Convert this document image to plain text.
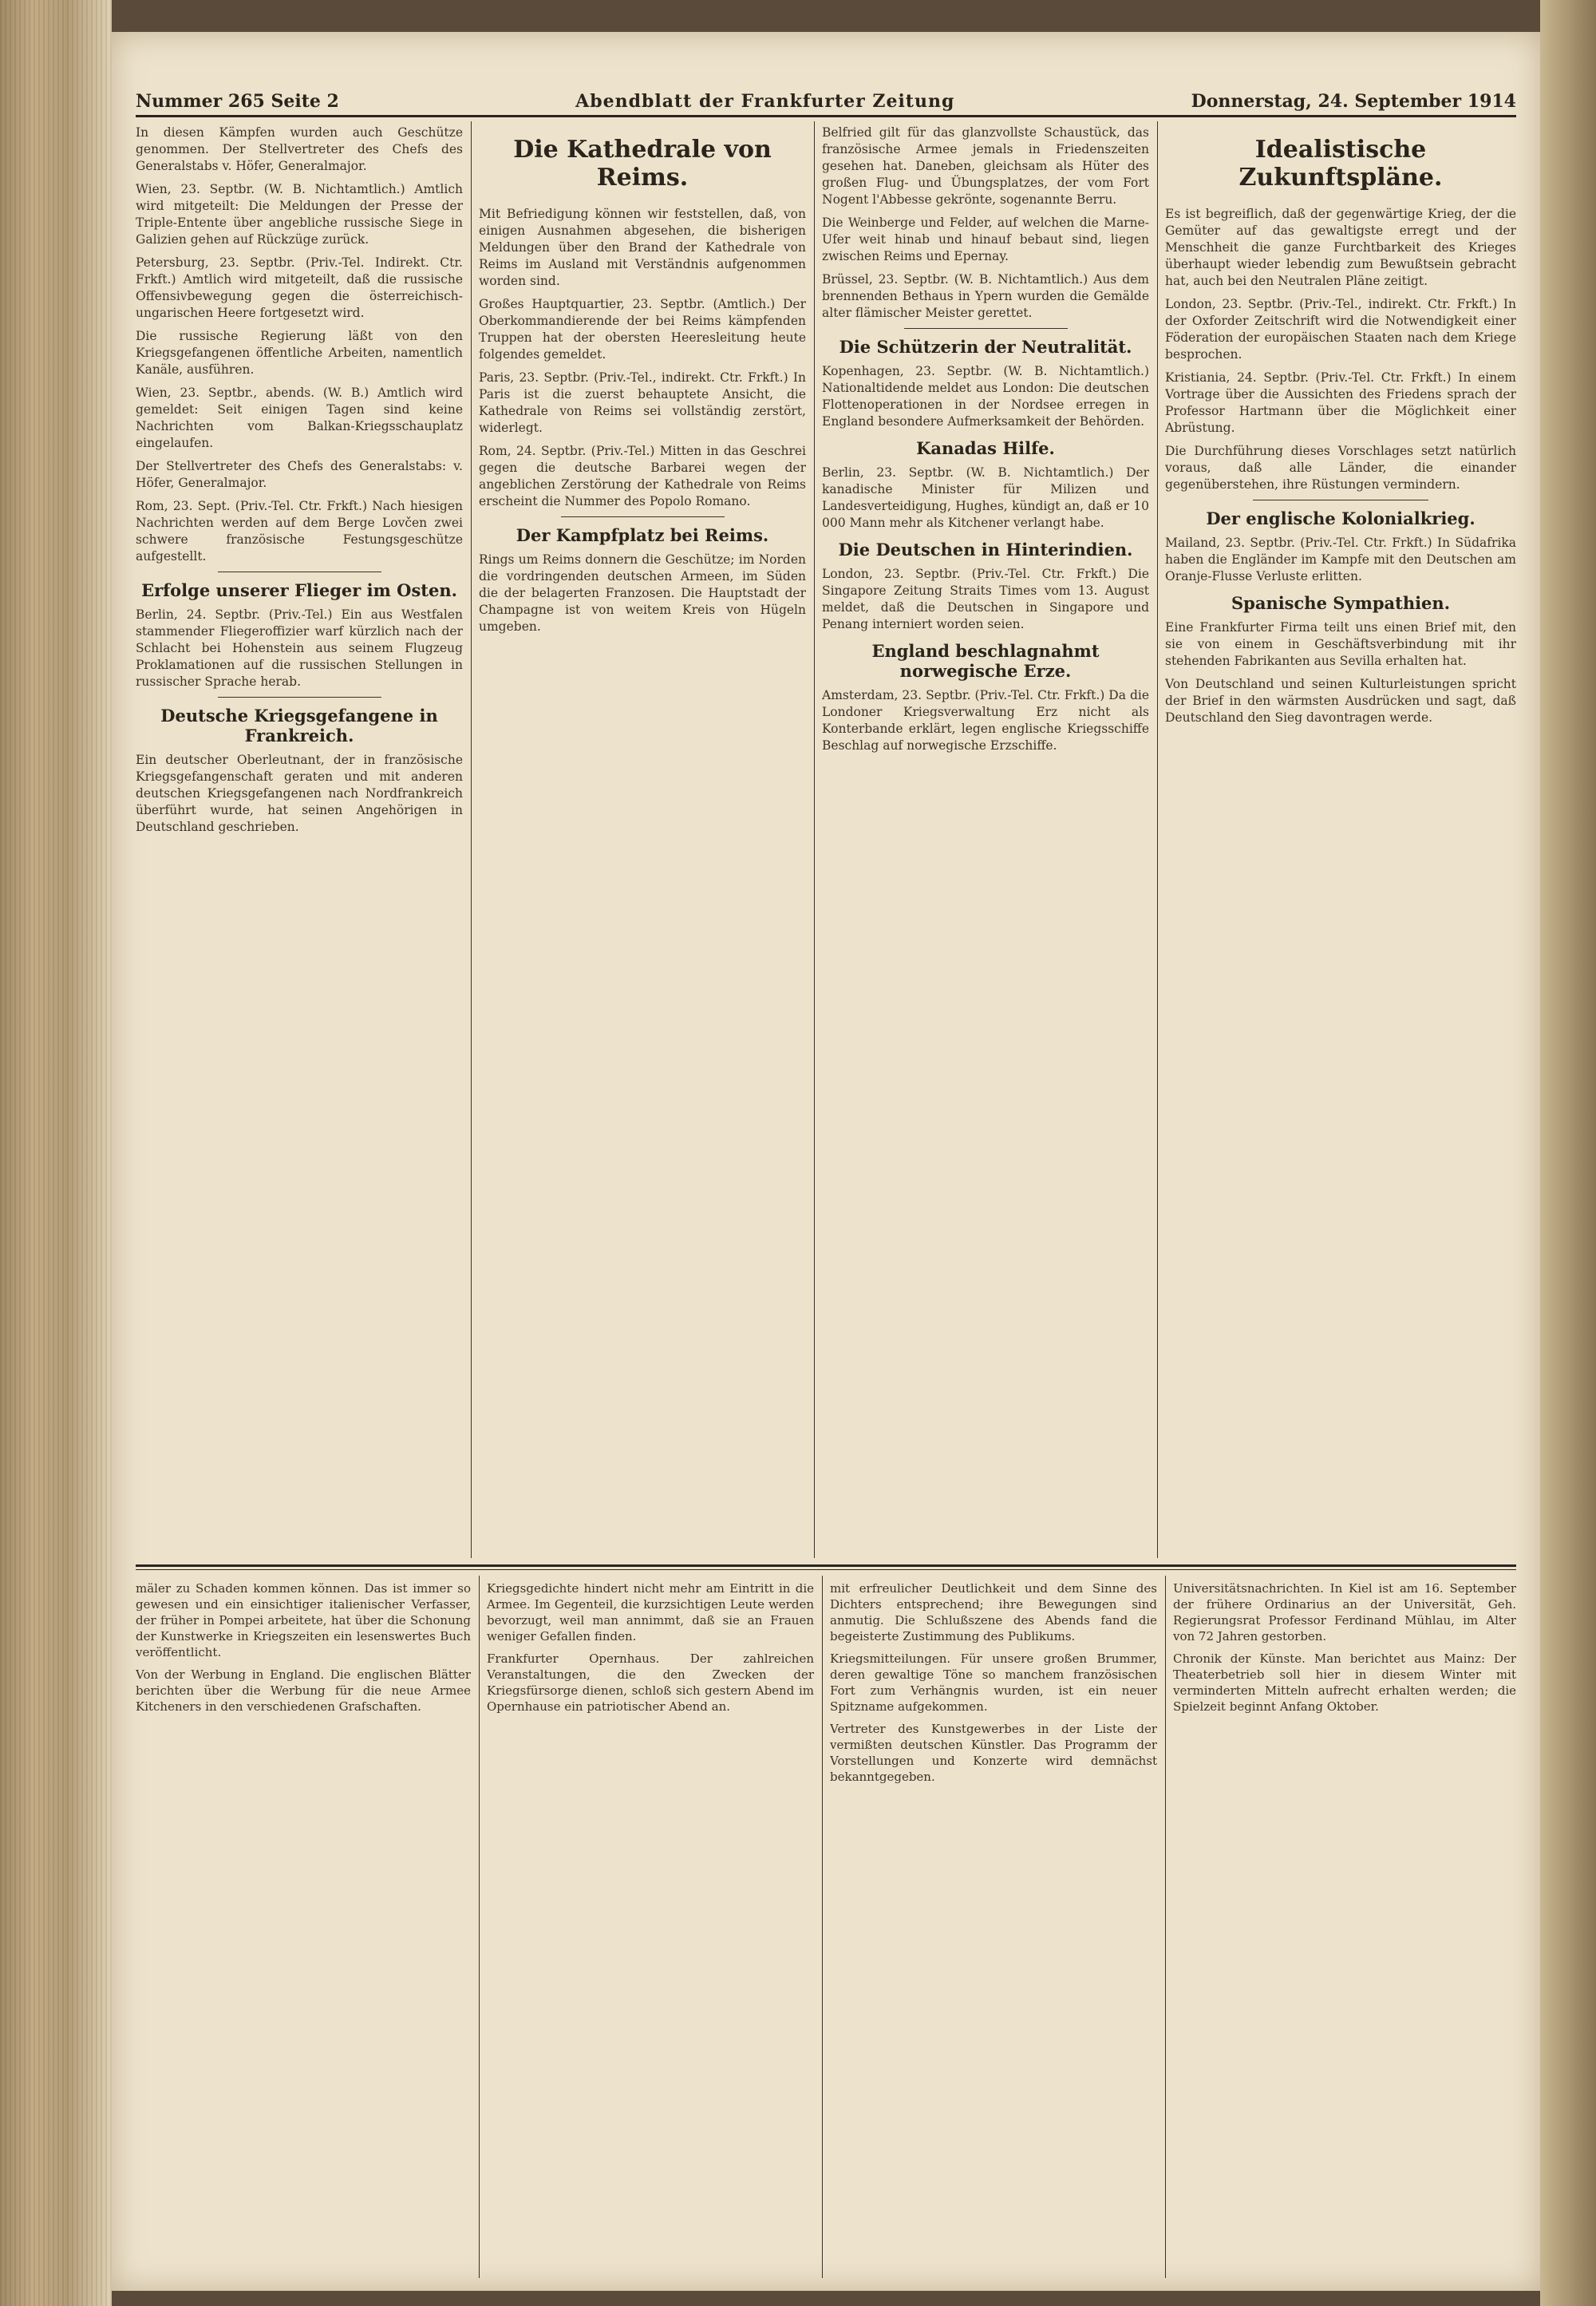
Nummer 265 Seite 2	Abendblatt der Frankfurter Zeitung	Donnerstag, 24. September 1914

In diesen Kämpfen wurden auch Geschütze genommen. Der Stellvertreter des Chefs des Generalstabs v. Höfer, Generalmajor.

Wien, 23. Septbr. (W. B. Nichtamtlich.) Amtlich wird mitgeteilt: Die Meldungen der Presse der Triple-Entente über angebliche russische Siege in Galizien gehen auf Rückzüge zurück.

Petersburg, 23. Septbr. (Priv.-Tel. Indirekt. Ctr. Frkft.) Amtlich wird mitgeteilt, daß die russische Offensivbewegung gegen die österreichisch-ungarischen Heere fortgesetzt wird.

Die russische Regierung läßt von den Kriegsgefangenen öffentliche Arbeiten, namentlich Kanäle, ausführen.

Wien, 23. Septbr., abends. (W. B.) Amtlich wird gemeldet: Seit einigen Tagen sind keine Nachrichten vom Balkan-Kriegsschauplatz eingelaufen.

Der Stellvertreter des Chefs des Generalstabs: v. Höfer, Generalmajor.

Rom, 23. Sept. (Priv.-Tel. Ctr. Frkft.) Nach hiesigen Nachrichten werden auf dem Berge Lovčen zwei schwere französische Festungsgeschütze aufgestellt.

Erfolge unserer Flieger im Osten.

Berlin, 24. Septbr. (Priv.-Tel.) Ein aus Westfalen stammender Fliegeroffizier warf kürzlich nach der Schlacht bei Hohenstein aus seinem Flugzeug Proklamationen auf die russischen Stellungen in russischer Sprache herab.

Deutsche Kriegsgefangene in Frankreich.

Ein deutscher Oberleutnant, der in französische Kriegsgefangenschaft geraten und mit anderen deutschen Kriegsgefangenen nach Nordfrankreich überführt wurde, hat seinen Angehörigen in Deutschland geschrieben.

Die Kathedrale von Reims.

Mit Befriedigung können wir feststellen, daß, von einigen Ausnahmen abgesehen, die bisherigen Meldungen über den Brand der Kathedrale von Reims im Ausland mit Verständnis aufgenommen worden sind.

Großes Hauptquartier, 23. Septbr. (Amtlich.) Der Oberkommandierende der bei Reims kämpfenden Truppen hat der obersten Heeresleitung heute folgendes gemeldet.

Paris, 23. Septbr. (Priv.-Tel., indirekt. Ctr. Frkft.) In Paris ist die zuerst behauptete Ansicht, die Kathedrale von Reims sei vollständig zerstört, widerlegt.

Rom, 24. Septbr. (Priv.-Tel.) Mitten in das Geschrei gegen die deutsche Barbarei wegen der angeblichen Zerstörung der Kathedrale von Reims erscheint die Nummer des Popolo Romano.

Der Kampfplatz bei Reims.

Rings um Reims donnern die Geschütze; im Norden die vordringenden deutschen Armeen, im Süden die der belagerten Franzosen. Die Hauptstadt der Champagne ist von weitem Kreis von Hügeln umgeben.

Belfried gilt für das glanzvollste Schaustück, das französische Armee jemals in Friedenszeiten gesehen hat. Daneben, gleichsam als Hüter des großen Flug- und Übungsplatzes, der vom Fort Nogent l'Abbesse gekrönte, sogenannte Berru.

Die Weinberge und Felder, auf welchen die Marne-Ufer weit hinab und hinauf bebaut sind, liegen zwischen Reims und Epernay.

Brüssel, 23. Septbr. (W. B. Nichtamtlich.) Aus dem brennenden Bethaus in Ypern wurden die Gemälde alter flämischer Meister gerettet.

Die Schützerin der Neutralität.

Kopenhagen, 23. Septbr. (W. B. Nichtamtlich.) Nationaltidende meldet aus London: Die deutschen Flottenoperationen in der Nordsee erregen in England besondere Aufmerksamkeit der Behörden.

Kanadas Hilfe.

Berlin, 23. Septbr. (W. B. Nichtamtlich.) Der kanadische Minister für Milizen und Landesverteidigung, Hughes, kündigt an, daß er 10 000 Mann mehr als Kitchener verlangt habe.

Die Deutschen in Hinterindien.

London, 23. Septbr. (Priv.-Tel. Ctr. Frkft.) Die Singapore Zeitung Straits Times vom 13. August meldet, daß die Deutschen in Singapore und Penang interniert worden seien.

England beschlagnahmt norwegische Erze.

Amsterdam, 23. Septbr. (Priv.-Tel. Ctr. Frkft.) Da die Londoner Kriegsverwaltung Erz nicht als Konterbande erklärt, legen englische Kriegsschiffe Beschlag auf norwegische Erzschiffe.

Idealistische Zukunftspläne.

Es ist begreiflich, daß der gegenwärtige Krieg, der die Gemüter auf das gewaltigste erregt und der Menschheit die ganze Furchtbarkeit des Krieges überhaupt wieder lebendig zum Bewußtsein gebracht hat, auch bei den Neutralen Pläne zeitigt.

London, 23. Septbr. (Priv.-Tel., indirekt. Ctr. Frkft.) In der Oxforder Zeitschrift wird die Notwendigkeit einer Föderation der europäischen Staaten nach dem Kriege besprochen.

Kristiania, 24. Septbr. (Priv.-Tel. Ctr. Frkft.) In einem Vortrage über die Aussichten des Friedens sprach der Professor Hartmann über die Möglichkeit einer Abrüstung.

Die Durchführung dieses Vorschlages setzt natürlich voraus, daß alle Länder, die einander gegenüberstehen, ihre Rüstungen vermindern.

Der englische Kolonialkrieg.

Mailand, 23. Septbr. (Priv.-Tel. Ctr. Frkft.) In Südafrika haben die Engländer im Kampfe mit den Deutschen am Oranje-Flusse Verluste erlitten.

Spanische Sympathien.

Eine Frankfurter Firma teilt uns einen Brief mit, den sie von einem in Geschäftsverbindung mit ihr stehenden Fabrikanten aus Sevilla erhalten hat.

Von Deutschland und seinen Kulturleistungen spricht der Brief in den wärmsten Ausdrücken und sagt, daß Deutschland den Sieg davontragen werde.

mäler zu Schaden kommen können. Das ist immer so gewesen und ein einsichtiger italienischer Verfasser, der früher in Pompei arbeitete, hat über die Schonung der Kunstwerke in Kriegszeiten ein lesenswertes Buch veröffentlicht.

Von der Werbung in England. Die englischen Blätter berichten über die Werbung für die neue Armee Kitcheners in den verschiedenen Grafschaften.

Kriegsgedichte hindert nicht mehr am Eintritt in die Armee. Im Gegenteil, die kurzsichtigen Leute werden bevorzugt, weil man annimmt, daß sie an Frauen weniger Gefallen finden.

Frankfurter Opernhaus. Der zahlreichen Veranstaltungen, die den Zwecken der Kriegsfürsorge dienen, schloß sich gestern Abend im Opernhause ein patriotischer Abend an.

mit erfreulicher Deutlichkeit und dem Sinne des Dichters entsprechend; ihre Bewegungen sind anmutig. Die Schlußszene des Abends fand die begeisterte Zustimmung des Publikums.

Kriegsmitteilungen. Für unsere großen Brummer, deren gewaltige Töne so manchem französischen Fort zum Verhängnis wurden, ist ein neuer Spitzname aufgekommen.

Vertreter des Kunstgewerbes in der Liste der vermißten deutschen Künstler. Das Programm der Vorstellungen und Konzerte wird demnächst bekanntgegeben.

Universitätsnachrichten. In Kiel ist am 16. September der frühere Ordinarius an der Universität, Geh. Regierungsrat Professor Ferdinand Mühlau, im Alter von 72 Jahren gestorben.

Chronik der Künste. Man berichtet aus Mainz: Der Theaterbetrieb soll hier in diesem Winter mit verminderten Mitteln aufrecht erhalten werden; die Spielzeit beginnt Anfang Oktober.
